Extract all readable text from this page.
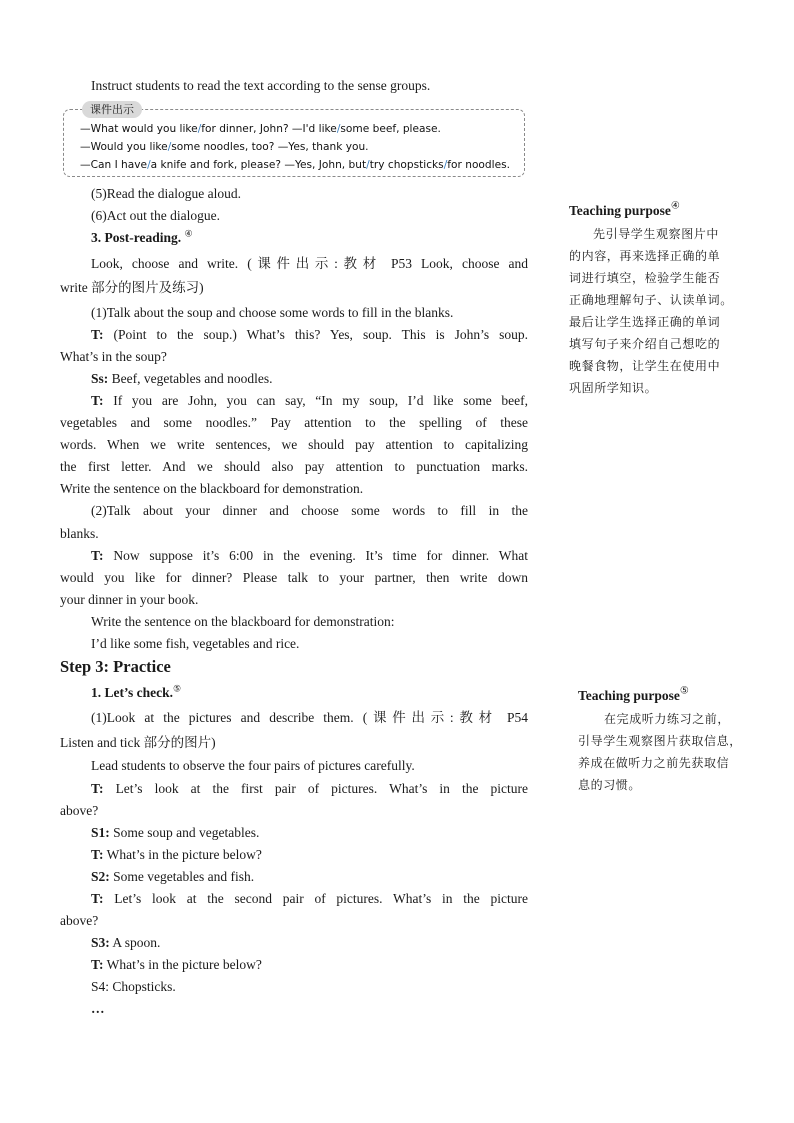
Instruct students to read the text according to the sense groups.
(5)Read the dialogue aloud.
(6)Act out the dialogue.
3. Post-reading. ④
Look, choose and write. (课件出示:教材 P53 Look, choose and
write 部分的图片及练习)
(1)Talk about the soup and choose some words to fill in the blanks.
T: (Point to the soup.) What’s this? Yes, soup. This is John’s soup.
What’s in the soup?
Ss: Beef, vegetables and noodles.
T: If you are John, you can say, “In my soup, I’d like some beef,
vegetables and some noodles.” Pay attention to the spelling of these
words. When we write sentences, we should pay attention to capitalizing
the first letter. And we should also pay attention to punctuation marks.
Write the sentence on the blackboard for demonstration.
(2)Talk about your dinner and choose some words to fill in the
blanks.
T: Now suppose it’s 6:00 in the evening. It’s time for dinner. What
would you like for dinner? Please talk to your partner, then write down
your dinner in your book.
Write the sentence on the blackboard for demonstration:
I’d like some fish, vegetables and rice.
1. Let’s check.⑤
(1)Look at the pictures and describe them. (课件出示:教材 P54
Listen and tick 部分的图片)
Lead students to observe the four pairs of pictures carefully.
T: Let’s look at the first pair of pictures. What’s in the picture
above?
S1: Some soup and vegetables.
T: What’s in the picture below?
S2: Some vegetables and fish.
T: Let’s look at the second pair of pictures. What’s in the picture
above?
S3: A spoon.
T: What’s in the picture below?
S4: Chopsticks.
…
课件出示
—What would you like/for dinner, John? —I'd like/some beef, please.
—Would you like/some noodles, too? —Yes, thank you.
—Can I have/a knife and fork, please? —Yes, John, but/try chopsticks/for noodles.
Step 3: Practice
Teaching purpose④
先引导学生观察图片中
的内容，再来选择正确的单
词进行填空，检验学生能否
正确地理解句子、认读单词。
最后让学生选择正确的单词
填写句子来介绍自己想吃的
晚餐食物，让学生在使用中
巩固所学知识。
Teaching purpose⑤
在完成听力练习之前，
引导学生观察图片获取信息，
养成在做听力之前先获取信
息的习惯。
